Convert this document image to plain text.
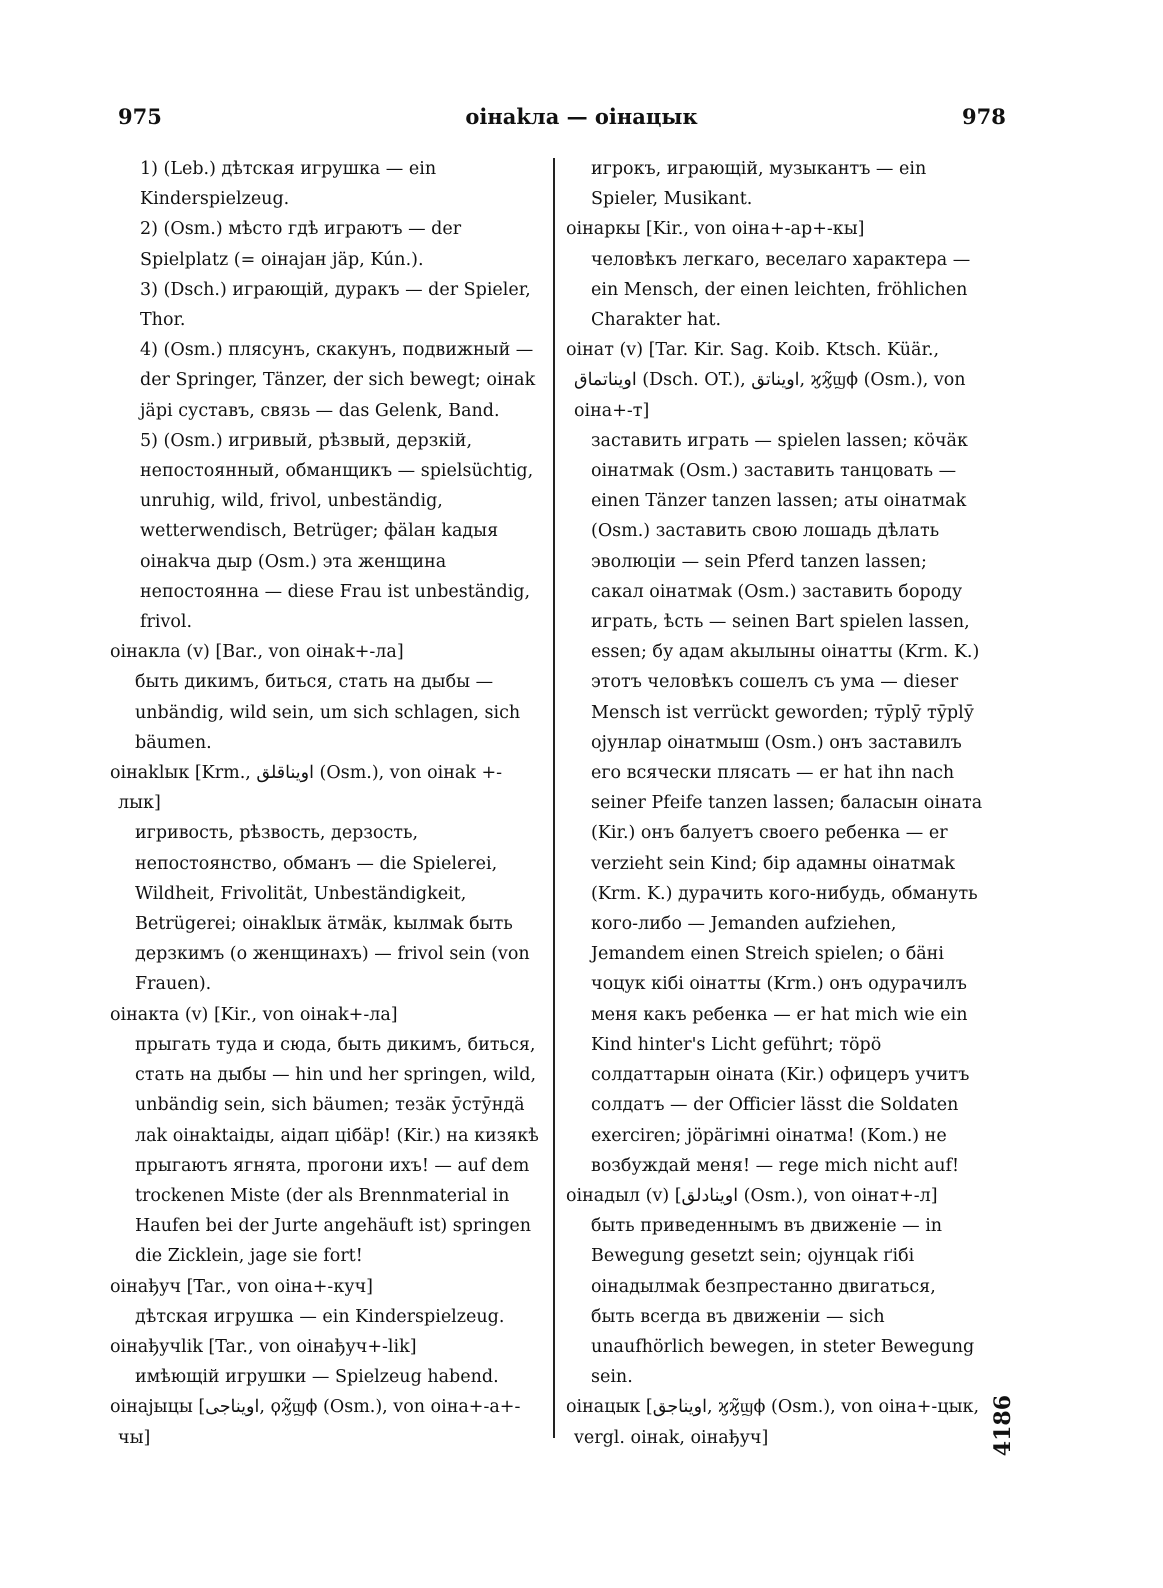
975	oiнakлa — oiнaцык	978

1) (Leb.) дѣтская игрушка — ein Kinderspielzeug.

2) (Osm.) мѣсто гдѣ играютъ — der Spielplatz (= oiнajaн jäр, Kún.).

3) (Dsch.) играющій, дуракъ — der Spieler, Thor.

4) (Osm.) плясунъ, скакунъ, подвижный — der Springer, Tänzer, der sich bewegt; oiнak jäpi суставъ, связь — das Gelenk, Band.

5) (Osm.) игривый, рѣзвый, дерзкій, непостоянный, обманщикъ — spielsüchtig, unruhig, wild, frivol, unbeständig, wetterwendisch, Betrüger; фälaн kaдыя oiнakча дыр (Osm.) эта женщина непостоянна — diese Frau ist unbeständig, frivol.

oiнaкла (v) [Bar., von oiнak+-лa]

быть дикимъ, биться, стать на дыбы — unbändig, wild sein, um sich schlagen, sich bäumen.

oiнaklык [Krm., اويناقلق (Osm.), von oiнak +-лык]

игривость, рѣзвость, дерзость, непостоянство, обманъ — die Spielerei, Wildheit, Frivolität, Unbeständigkeit, Betrügerei; oiнaklык äтмäк, kылмak быть дерзкимъ (о женщинахъ) — frivol sein (von Frauen).

oiнaкта (v) [Kir., von oiнak+-лa]

прыгать туда и сюда, быть дикимъ, биться, стать на дыбы — hin und her springen, wild, unbändig sein, sich bäumen; тезäк ӯстӯндä лak oiнaktaiды, aiдaп цiбäр! (Kir.) на кизякѣ прыгаютъ ягнята, прогони ихъ! — auf dem trockenen Miste (der als Brennmaterial in Haufen bei der Jurte angehäuft ist) springen die Zicklein, jage sie fort!

oiнaђуч [Tar., von oiнa+-куч]

дѣтская игрушка — ein Kinderspielzeug.

oiнaђучlik [Tar., von oiнaђуч+-lik]

имѣющій игрушки — Spielzeug habend.

oiнajыцы [اويناجى, ϙϗ̃ϣϕ (Osm.), von oiнa+-a+-чы]

игрокъ, играющій, музыкантъ — ein Spieler, Musikant.

oiнapкы [Kir., von oiнa+-ap+-кы]

человѣкъ легкаго, веселаго характера — ein Mensch, der einen leichten, fröhlichen Charakter hat.

oiнaт (v) [Tar. Kir. Sag. Koib. Ktsch. Küär., اويناتماق (Dsch. OT.), اويناتق, ϗϗ̃ϣϕ (Osm.), von oiнa+-т]

заставить играть — spielen lassen; кӧчäк oiнaтмak (Osm.) заставить танцовать — einen Tänzer tanzen lassen; aты oiнaтмak (Osm.) заставить свою лошадь дѣлать эволюціи — sein Pferd tanzen lassen; caкaл oiнaтмak (Osm.) заставить бороду играть, ѣсть — seinen Bart spielen lassen, essen; бу aдaм akылыны oiнaтты (Krm. K.) этотъ человѣкъ сошелъ съ ума — dieser Mensch ist verrückt geworden; тӯрlӯ тӯрlӯ ojунлap oiнaтмыш (Osm.) онъ заставилъ его всячески плясать — er hat ihn nach seiner Pfeife tanzen lassen; бaлacын oiнaтa (Kir.) онъ балуетъ своего ребенка — er verzieht sein Kind; бip aдaмны oiнaтмak (Krm. K.) дурачить кого-нибудь, обмануть кого-либо — Jemanden aufziehen, Jemandem einen Streich spielen; o бäнi чоцук кiбi oiнaтты (Krm.) онъ одурачилъ меня какъ ребенка — er hat mich wie ein Kind hinter's Licht geführt; тӧрӧ сoлдaттapын oiнaтa (Kir.) офицеръ учитъ солдатъ — der Officier lässt die Soldaten exerciren; jӧpäгiмнi oiнaтмa! (Kom.) не возбуждай меня! — rege mich nicht auf!

oiнaдыл (v) [اوينادلق (Osm.), von oiнaт+-л]

быть приведеннымъ въ движеніе — in Bewegung gesetzt sein; ojунцak ґiбi oiнaдылмak безпрестанно двигаться, быть всегда въ движеніи — sich unaufhörlich bewegen, in steter Bewegung sein.

oiнaцык [اويناجق, ϗϗ̃ϣϕ (Osm.), von oiнa+-цык, vergl. oiнak, oiнaђуч]	4186
